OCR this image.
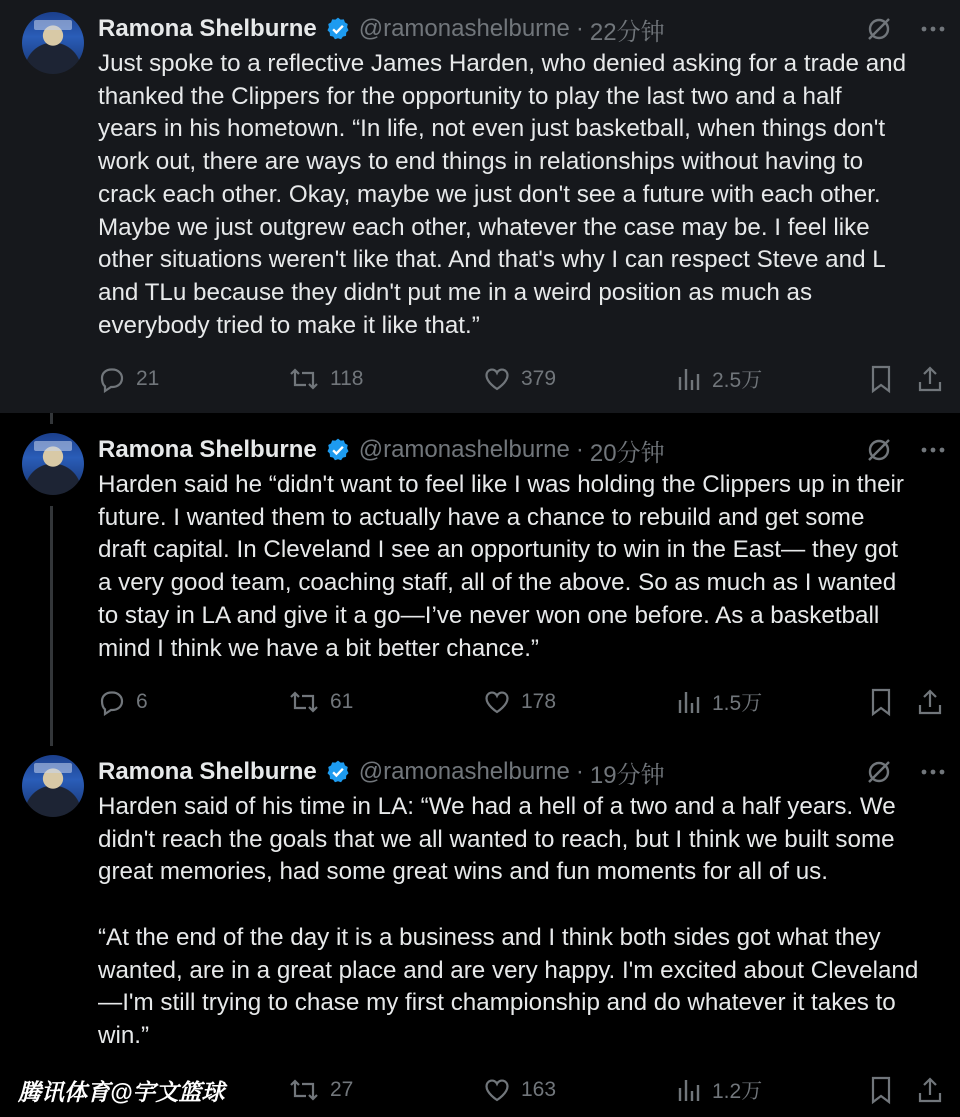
Ramona Shelburne @ramonashelburne · 22分钟

Just spoke to a reflective James Harden, who denied asking for a trade and
thanked the Clippers for the opportunity to play the last two and a half
years in his hometown. “In life, not even just basketball, when things don't
work out, there are ways to end things in relationships without having to
crack each other. Okay, maybe we just don't see a future with each other.
Maybe we just outgrew each other, whatever the case may be. I feel like
other situations weren't like that. And that's why I can respect Steve and L
and TLu because they didn't put me in a weird position as much as
everybody tried to make it like that.”

21	118	379	2.5万
Ramona Shelburne @ramonashelburne · 20分钟

Harden said he “didn't want to feel like I was holding the Clippers up in their
future. I wanted them to actually have a chance to rebuild and get some
draft capital. In Cleveland I see an opportunity to win in the East— they got
a very good team, coaching staff, all of the above. So as much as I wanted
to stay in LA and give it a go—I’ve never won one before. As a basketball
mind I think we have a bit better chance.”

6	61	178	1.5万
Ramona Shelburne @ramonashelburne · 19分钟

Harden said of his time in LA: “We had a hell of a two and a half years. We
didn't reach the goals that we all wanted to reach, but I think we built some
great memories, had some great wins and fun moments for all of us.

“At the end of the day it is a business and I think both sides got what they
wanted, are in a great place and are very happy. I'm excited about Cleveland
—I'm still trying to chase my first championship and do whatever it takes to
win.”

27	163	1.2万
腾讯体育@宇文篮球
